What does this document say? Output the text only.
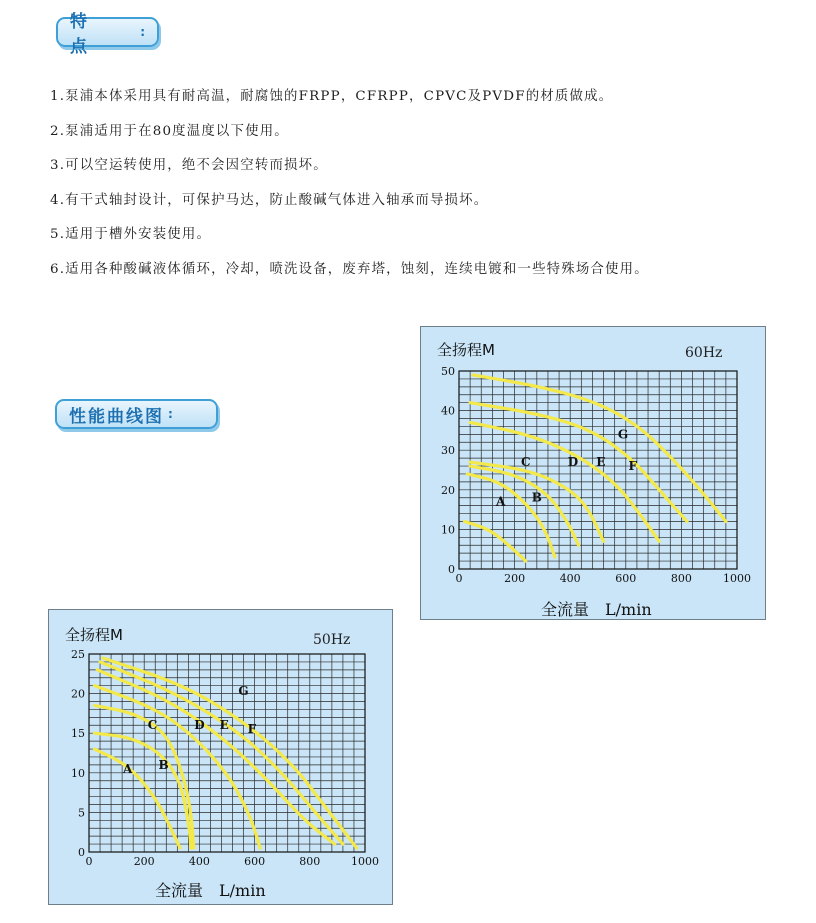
特 点
:
1.泵浦本体采用具有耐高温，耐腐蚀的FRPP，CFRPP，CPVC及PVDF的材质做成。
2.泵浦适用于在80度温度以下使用。
3.可以空运转使用，绝不会因空转而损坏。
4.有干式轴封设计，可保护马达，防止酸碱气体进入轴承而导损坏。
5.适用于槽外安装使用。
6.适用各种酸碱液体循环，冷却，喷洗设备，废弃塔，蚀刻，连续电镀和一些特殊场合使用。
性能曲线图 :
全扬程M	60Hz
0	200	400	600	800	1000
0
10
20
30
40
50
A B
C	D E F
G
全流量 L/min
全扬程M	50Hz
0	200	400	600	800	1000
0
5
10
15
20
25
A B
C	D E F
G
全流量 L/min
